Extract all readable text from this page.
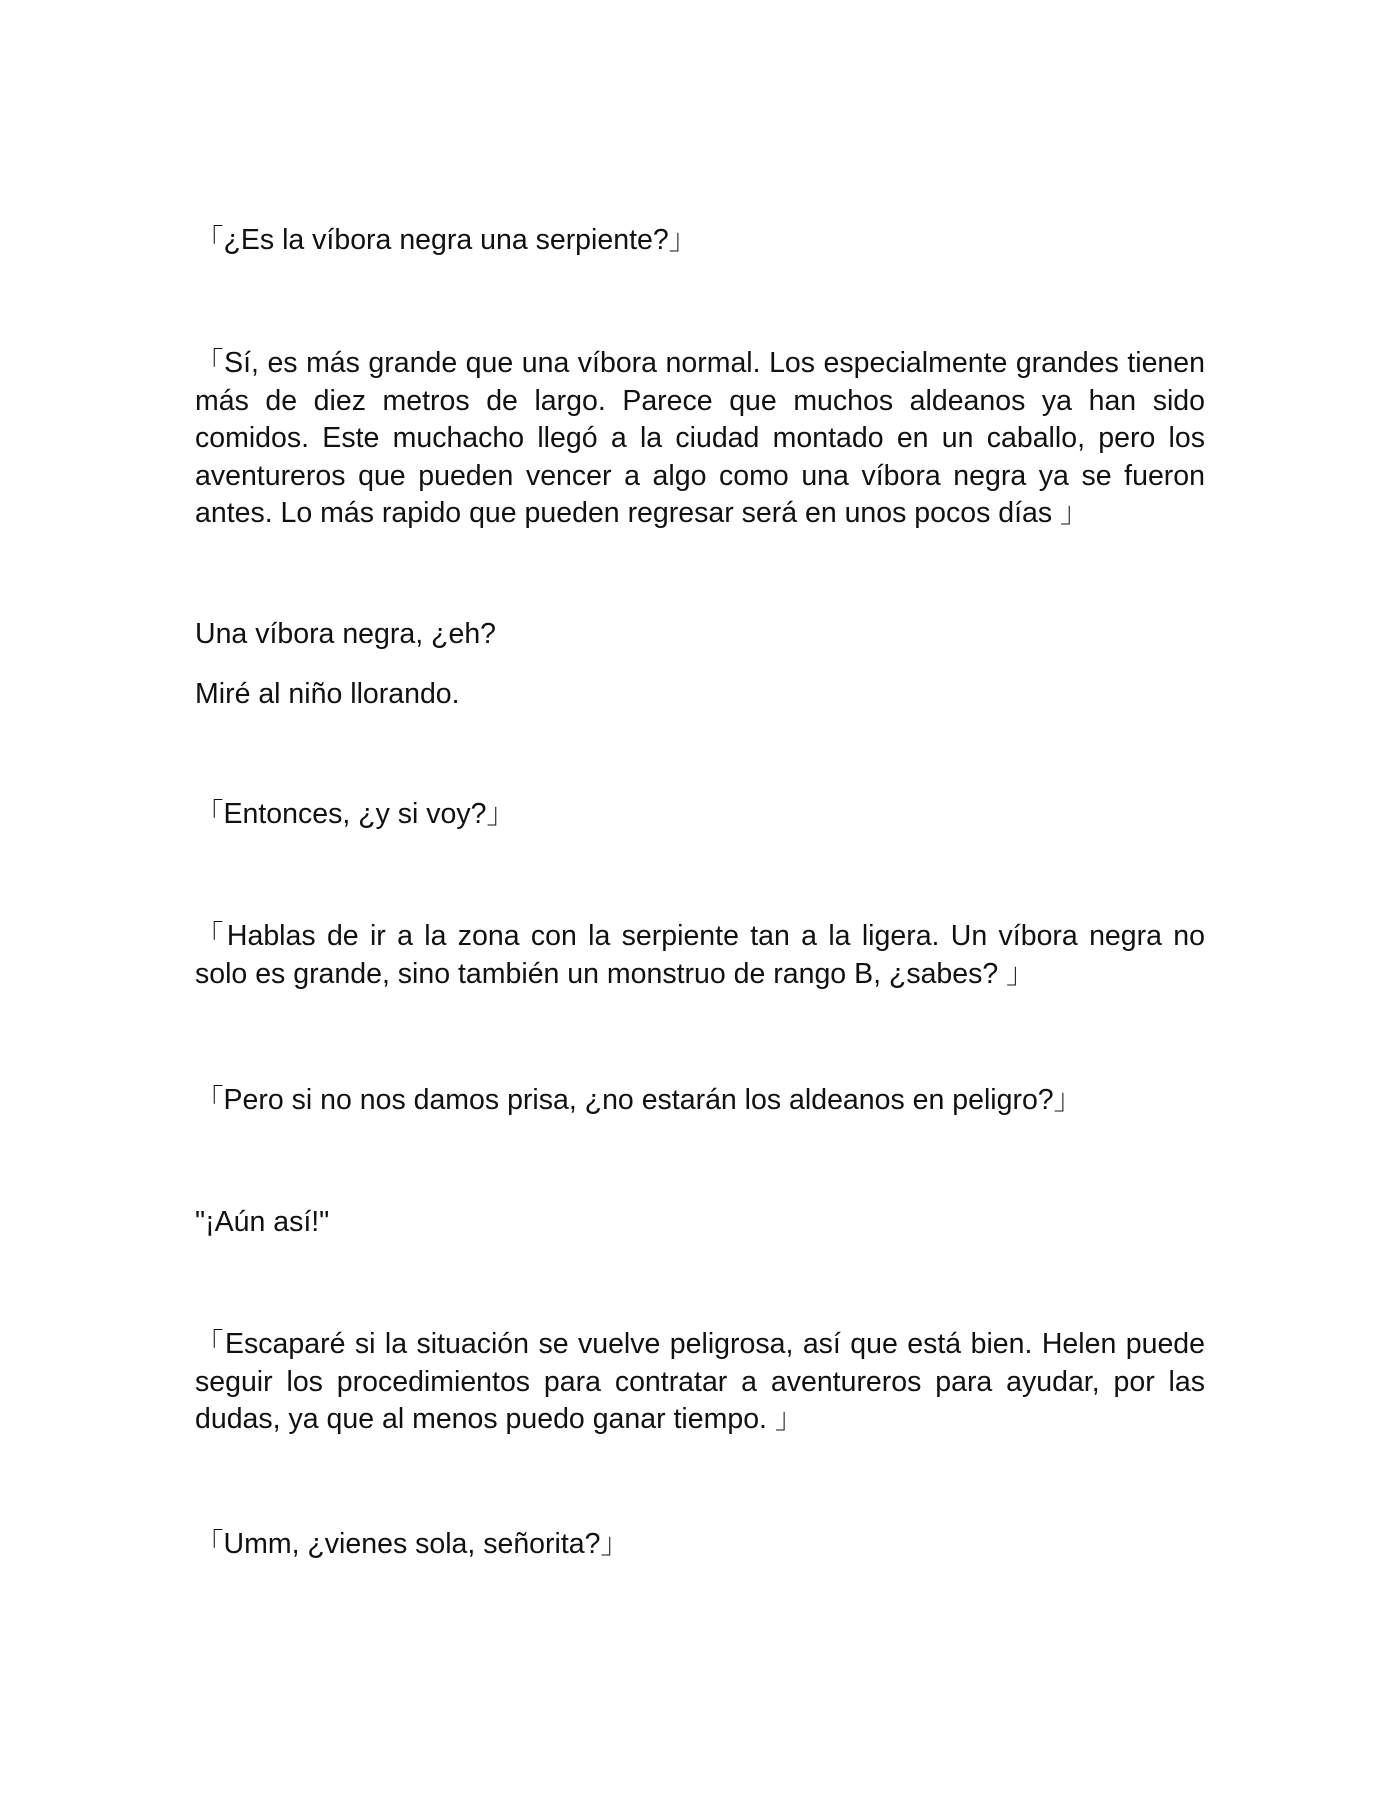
「¿Es la víbora negra una serpiente?」

「Sí, es más grande que una víbora normal. Los especialmente grandes tienen más de diez metros de largo. Parece que muchos aldeanos ya han sido comidos. Este muchacho llegó a la ciudad montado en un caballo, pero los aventureros que pueden vencer a algo como una víbora negra ya se fueron antes. Lo más rapido que pueden regresar será en unos pocos días 」

Una víbora negra, ¿eh?

Miré al niño llorando.

「Entonces, ¿y si voy?」

「Hablas de ir a la zona con la serpiente tan a la ligera. Un víbora negra no solo es grande, sino también un monstruo de rango B, ¿sabes? 」

「Pero si no nos damos prisa, ¿no estarán los aldeanos en peligro?」

"¡Aún así!"

「Escaparé si la situación se vuelve peligrosa, así que está bien. Helen puede seguir los procedimientos para contratar a aventureros para ayudar, por las dudas, ya que al menos puedo ganar tiempo. 」

「Umm, ¿vienes sola, señorita?」
